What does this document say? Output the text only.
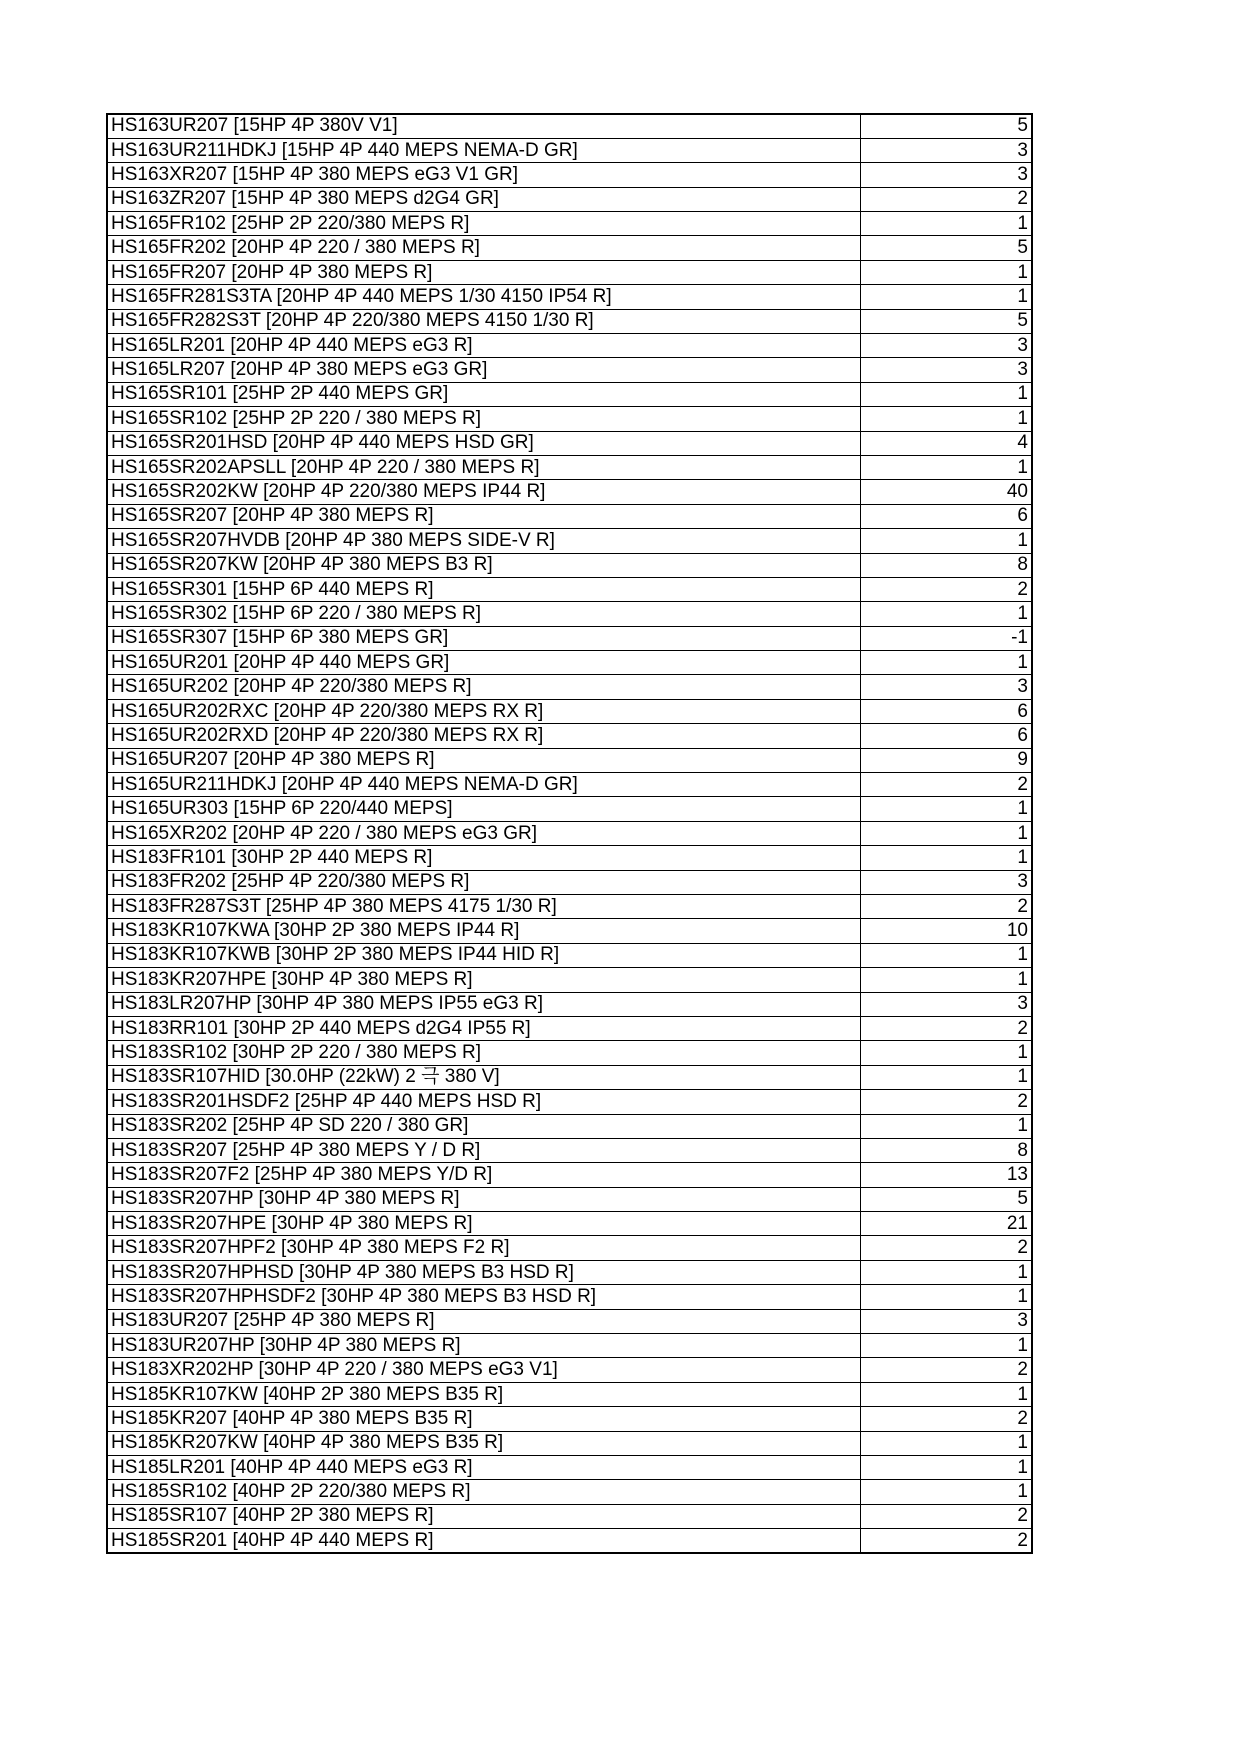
HS163UR207 [15HP 4P 380V V1]	5
HS163UR211HDKJ [15HP 4P 440 MEPS NEMA-D GR]	3
HS163XR207 [15HP 4P 380 MEPS eG3 V1 GR]	3
HS163ZR207 [15HP 4P 380 MEPS d2G4 GR]	2
HS165FR102 [25HP 2P 220/380 MEPS R]	1
HS165FR202 [20HP 4P 220 / 380 MEPS R]	5
HS165FR207 [20HP 4P 380 MEPS R]	1
HS165FR281S3TA [20HP 4P 440 MEPS 1/30 4150 IP54 R]	1
HS165FR282S3T [20HP 4P 220/380 MEPS 4150 1/30 R]	5
HS165LR201 [20HP 4P 440 MEPS eG3 R]	3
HS165LR207 [20HP 4P 380 MEPS eG3 GR]	3
HS165SR101 [25HP 2P 440 MEPS GR]	1
HS165SR102 [25HP 2P 220 / 380 MEPS R]	1
HS165SR201HSD [20HP 4P 440 MEPS HSD GR]	4
HS165SR202APSLL [20HP 4P 220 / 380 MEPS R]	1
HS165SR202KW [20HP 4P 220/380 MEPS IP44 R]	40
HS165SR207 [20HP 4P 380 MEPS R]	6
HS165SR207HVDB [20HP 4P 380 MEPS SIDE-V R]	1
HS165SR207KW [20HP 4P 380 MEPS B3 R]	8
HS165SR301 [15HP 6P 440 MEPS R]	2
HS165SR302 [15HP 6P 220 / 380 MEPS R]	1
HS165SR307 [15HP 6P 380 MEPS GR]	-1
HS165UR201 [20HP 4P 440 MEPS GR]	1
HS165UR202 [20HP 4P 220/380 MEPS R]	3
HS165UR202RXC [20HP 4P 220/380 MEPS RX R]	6
HS165UR202RXD [20HP 4P 220/380 MEPS RX R]	6
HS165UR207 [20HP 4P 380 MEPS R]	9
HS165UR211HDKJ [20HP 4P 440 MEPS NEMA-D GR]	2
HS165UR303 [15HP 6P 220/440 MEPS]	1
HS165XR202 [20HP 4P 220 / 380 MEPS eG3 GR]	1
HS183FR101 [30HP 2P 440 MEPS R]	1
HS183FR202 [25HP 4P 220/380 MEPS R]	3
HS183FR287S3T [25HP 4P 380 MEPS 4175 1/30 R]	2
HS183KR107KWA [30HP 2P 380 MEPS IP44 R]	10
HS183KR107KWB [30HP 2P 380 MEPS IP44 HID R]	1
HS183KR207HPE [30HP 4P 380 MEPS R]	1
HS183LR207HP [30HP 4P 380 MEPS IP55 eG3 R]	3
HS183RR101 [30HP 2P 440 MEPS d2G4 IP55 R]	2
HS183SR102 [30HP 2P 220 / 380 MEPS R]	1
HS183SR107HID [30.0HP (22kW) 2 극 380 V]	1
HS183SR201HSDF2 [25HP 4P 440 MEPS HSD R]	2
HS183SR202 [25HP 4P SD 220 / 380 GR]	1
HS183SR207 [25HP 4P 380 MEPS Y / D R]	8
HS183SR207F2 [25HP 4P 380 MEPS Y/D R]	13
HS183SR207HP [30HP 4P 380 MEPS R]	5
HS183SR207HPE [30HP 4P 380 MEPS R]	21
HS183SR207HPF2 [30HP 4P 380 MEPS F2 R]	2
HS183SR207HPHSD [30HP 4P 380 MEPS B3 HSD R]	1
HS183SR207HPHSDF2 [30HP 4P 380 MEPS B3 HSD R]	1
HS183UR207 [25HP 4P 380 MEPS R]	3
HS183UR207HP [30HP 4P 380 MEPS R]	1
HS183XR202HP [30HP 4P 220 / 380 MEPS eG3 V1]	2
HS185KR107KW [40HP 2P 380 MEPS B35 R]	1
HS185KR207 [40HP 4P 380 MEPS B35 R]	2
HS185KR207KW [40HP 4P 380 MEPS B35 R]	1
HS185LR201 [40HP 4P 440 MEPS eG3 R]	1
HS185SR102 [40HP 2P 220/380 MEPS R]	1
HS185SR107 [40HP 2P 380 MEPS R]	2
HS185SR201 [40HP 4P 440 MEPS R]	2
